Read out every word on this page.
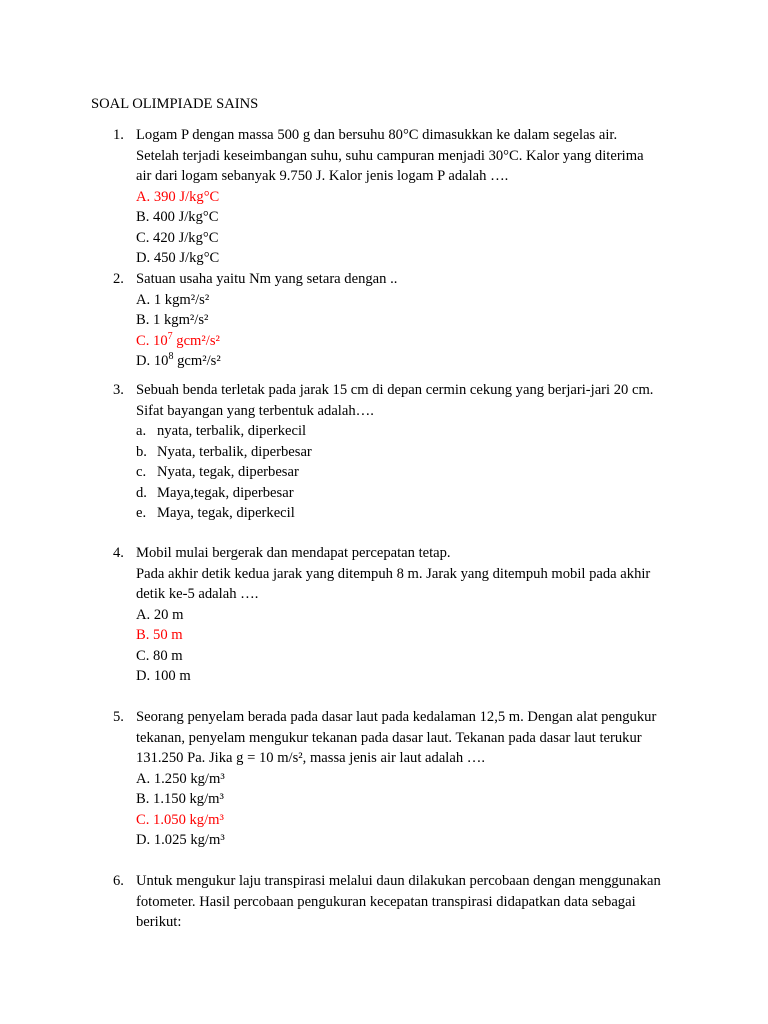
SOAL OLIMPIADE SAINS
1. Logam P dengan massa 500 g dan bersuhu 80°C dimasukkan ke dalam segelas air.
Setelah terjadi keseimbangan suhu, suhu campuran menjadi 30°C. Kalor yang diterima
air dari logam sebanyak 9.750 J. Kalor jenis logam P adalah ….
A. 390 J/kg°C
B. 400 J/kg°C
C. 420 J/kg°C
D. 450 J/kg°C
2. Satuan usaha yaitu Nm yang setara dengan ..
A. 1 kgm²/s²
B. 1 kgm²/s²
C. $10^7$ gcm²/s²
D. $10^8$ gcm²/s²
3. Sebuah benda terletak pada jarak 15 cm di depan cermin cekung yang berjari-jari 20 cm.
Sifat bayangan yang terbentuk adalah….
a. nyata, terbalik, diperkecil
b. Nyata, terbalik, diperbesar
c. Nyata, tegak, diperbesar
d. Maya,tegak, diperbesar
e. Maya, tegak, diperkecil
4. Mobil mulai bergerak dan mendapat percepatan tetap.
Pada akhir detik kedua jarak yang ditempuh 8 m. Jarak yang ditempuh mobil pada akhir
detik ke-5 adalah ….
A. 20 m
B. 50 m
C. 80 m
D. 100 m
5. Seorang penyelam berada pada dasar laut pada kedalaman 12,5 m. Dengan alat pengukur
tekanan, penyelam mengukur tekanan pada dasar laut. Tekanan pada dasar laut terukur
131.250 Pa. Jika g = 10 m/s², massa jenis air laut adalah ….
A. 1.250 kg/m³
B. 1.150 kg/m³
C. 1.050 kg/m³
D. 1.025 kg/m³
6. Untuk mengukur laju transpirasi melalui daun dilakukan percobaan dengan menggunakan
fotometer. Hasil percobaan pengukuran kecepatan transpirasi didapatkan data sebagai
berikut:
